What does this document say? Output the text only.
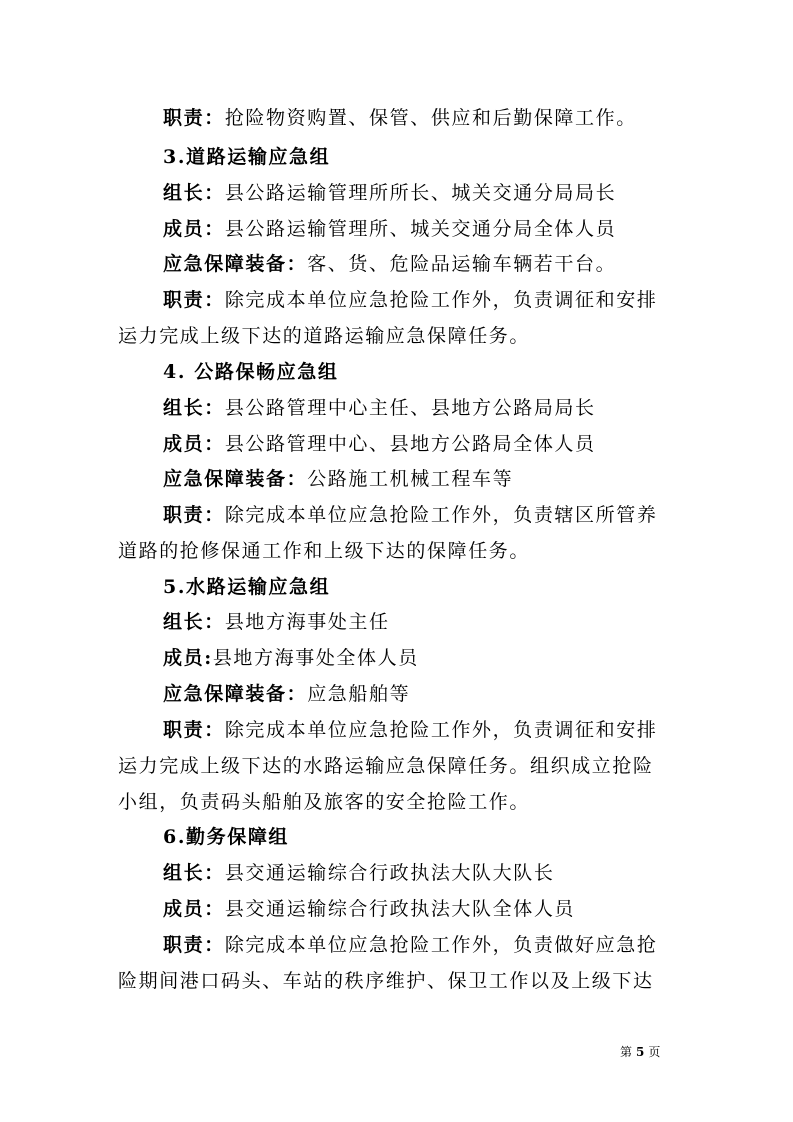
职责：抢险物资购置、保管、供应和后勤保障工作。
3.道路运输应急组
组长：县公路运输管理所所长、城关交通分局局长
成员：县公路运输管理所、城关交通分局全体人员
应急保障装备：客、货、危险品运输车辆若干台。
职责：除完成本单位应急抢险工作外，负责调征和安排
运力完成上级下达的道路运输应急保障任务。
4. 公路保畅应急组
组长：县公路管理中心主任、县地方公路局局长
成员：县公路管理中心、县地方公路局全体人员
应急保障装备：公路施工机械工程车等
职责：除完成本单位应急抢险工作外，负责辖区所管养
道路的抢修保通工作和上级下达的保障任务。
5.水路运输应急组
组长：县地方海事处主任
成员:县地方海事处全体人员
应急保障装备：应急船舶等
职责：除完成本单位应急抢险工作外，负责调征和安排
运力完成上级下达的水路运输应急保障任务。组织成立抢险
小组，负责码头船舶及旅客的安全抢险工作。
6.勤务保障组
组长：县交通运输综合行政执法大队大队长
成员：县交通运输综合行政执法大队全体人员
职责：除完成本单位应急抢险工作外，负责做好应急抢
险期间港口码头、车站的秩序维护、保卫工作以及上级下达
第 5 页
